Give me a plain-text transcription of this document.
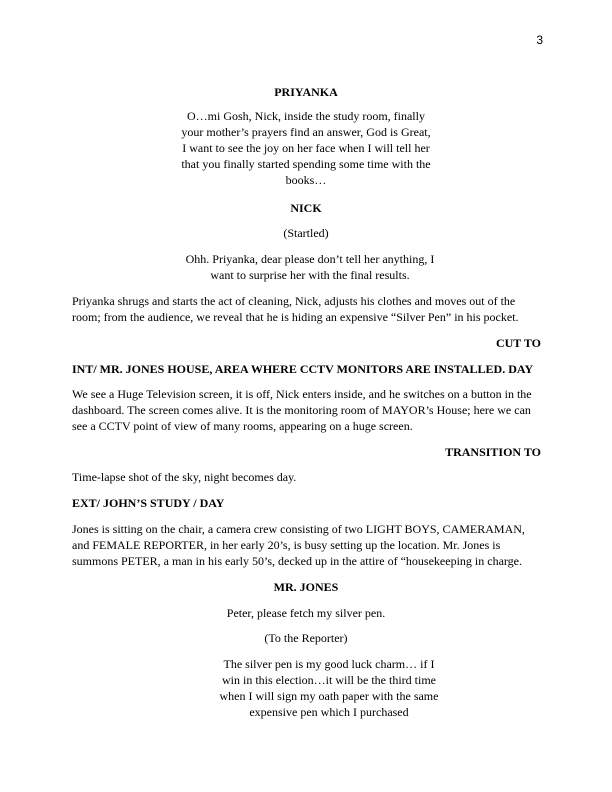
3
PRIYANKA
O…mi Gosh, Nick, inside the study room, finally your mother’s prayers find an answer, God is Great, I want to see the joy on her face when I will tell her that you finally started spending some time with the books…
NICK
(Startled)
Ohh. Priyanka, dear please don’t tell her anything, I want to surprise her with the final results.
Priyanka shrugs and starts the act of cleaning, Nick, adjusts his clothes and moves out of the room; from the audience, we reveal that he is hiding an expensive “Silver Pen” in his pocket.
CUT TO
INT/ MR. JONES HOUSE, AREA WHERE CCTV MONITORS ARE INSTALLED. DAY
We see a Huge Television screen, it is off, Nick enters inside, and he switches on a button in the dashboard. The screen comes alive. It is the monitoring room of MAYOR’s House; here we can see a CCTV point of view of many rooms, appearing on a huge screen.
TRANSITION TO
Time-lapse shot of the sky, night becomes day.
EXT/ JOHN’S STUDY / DAY
Jones is sitting on the chair, a camera crew consisting of two LIGHT BOYS, CAMERAMAN, and FEMALE REPORTER, in her early 20’s, is busy setting up the location. Mr. Jones is summons PETER, a man in his early 50’s, decked up in the attire of “housekeeping in charge.
MR. JONES
Peter, please fetch my silver pen.
(To the Reporter)
The silver pen is my good luck charm… if I win in this election…it will be the third time when I will sign my oath paper with the same expensive pen which I purchased
